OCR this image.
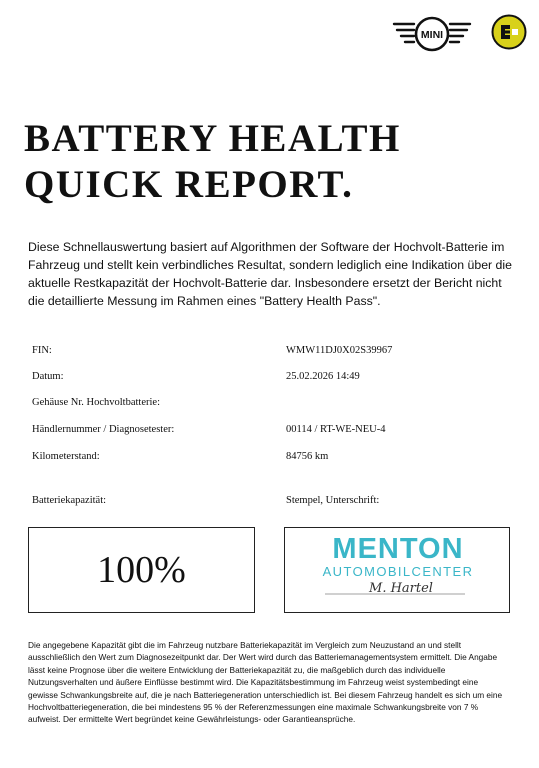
MINI
BATTERY HEALTH
QUICK REPORT.

Diese Schnellauswertung basiert auf Algorithmen der Software der Hochvolt-Batterie im Fahrzeug und stellt kein verbindliches Resultat, sondern lediglich eine Indikation über die aktuelle Restkapazität der Hochvolt-Batterie dar. Insbesondere ersetzt der Bericht nicht die detaillierte Messung im Rahmen eines "Battery Health Pass".

FIN:	WMW11DJ0X02S39967
Datum:	25.02.2026 14:49
Gehäuse Nr. Hochvoltbatterie:
Händlernummer / Diagnosetester:	00114 / RT-WE-NEU-4
Kilometerstand:	84756 km
Batteriekapazität:	Stempel, Unterschrift:
100%	MENTON
AUTOMOBILCENTER
M. Hartel

Die angegebene Kapazität gibt die im Fahrzeug nutzbare Batteriekapazität im Vergleich zum Neuzustand an und stellt ausschließlich den Wert zum Diagnosezeitpunkt dar. Der Wert wird durch das Batteriemanagementsystem ermittelt. Die Angabe lässt keine Prognose über die weitere Entwicklung der Batteriekapazität zu, die maßgeblich durch das individuelle Nutzungsverhalten und äußere Einflüsse bestimmt wird. Die Kapazitätsbestimmung im Fahrzeug weist systembedingt eine gewisse Schwankungsbreite auf, die je nach Batteriegeneration unterschiedlich ist. Bei diesem Fahrzeug handelt es sich um eine Hochvoltbatteriegeneration, die bei mindestens 95 % der Referenzmessungen eine maximale Schwankungsbreite von 7 % aufweist. Der ermittelte Wert begründet keine Gewährleistungs- oder Garantieansprüche.
